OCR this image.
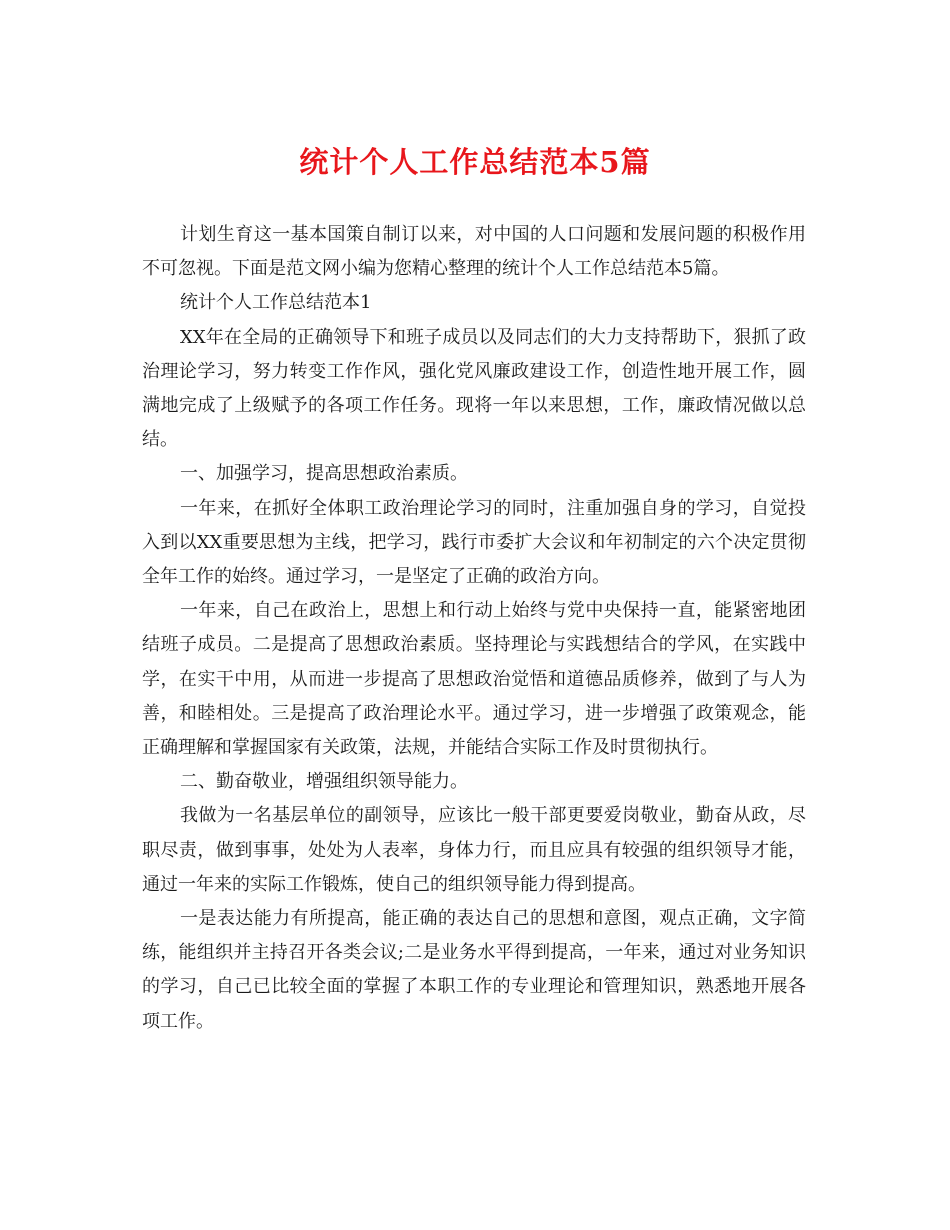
统计个人工作总结范本5篇

计划生育这一基本国策自制订以来，对中国的人口问题和发展问题的积极作用不可忽视。下面是范文网小编为您精心整理的统计个人工作总结范本5篇。

统计个人工作总结范本1

XX年在全局的正确领导下和班子成员以及同志们的大力支持帮助下，狠抓了政治理论学习，努力转变工作作风，强化党风廉政建设工作，创造性地开展工作，圆满地完成了上级赋予的各项工作任务。现将一年以来思想，工作，廉政情况做以总结。

一、加强学习，提高思想政治素质。

一年来，在抓好全体职工政治理论学习的同时，注重加强自身的学习，自觉投入到以XX重要思想为主线，把学习，践行市委扩大会议和年初制定的六个决定贯彻全年工作的始终。通过学习，一是坚定了正确的政治方向。

一年来，自己在政治上，思想上和行动上始终与党中央保持一直，能紧密地团结班子成员。二是提高了思想政治素质。坚持理论与实践想结合的学风，在实践中学，在实干中用，从而进一步提高了思想政治觉悟和道德品质修养，做到了与人为善，和睦相处。三是提高了政治理论水平。通过学习，进一步增强了政策观念，能正确理解和掌握国家有关政策，法规，并能结合实际工作及时贯彻执行。

二、勤奋敬业，增强组织领导能力。

我做为一名基层单位的副领导，应该比一般干部更要爱岗敬业，勤奋从政，尽职尽责，做到事事，处处为人表率，身体力行，而且应具有较强的组织领导才能，通过一年来的实际工作锻炼，使自己的组织领导能力得到提高。

一是表达能力有所提高，能正确的表达自己的思想和意图，观点正确，文字简练，能组织并主持召开各类会议;二是业务水平得到提高，一年来，通过对业务知识的学习，自己已比较全面的掌握了本职工作的专业理论和管理知识，熟悉地开展各项工作。
